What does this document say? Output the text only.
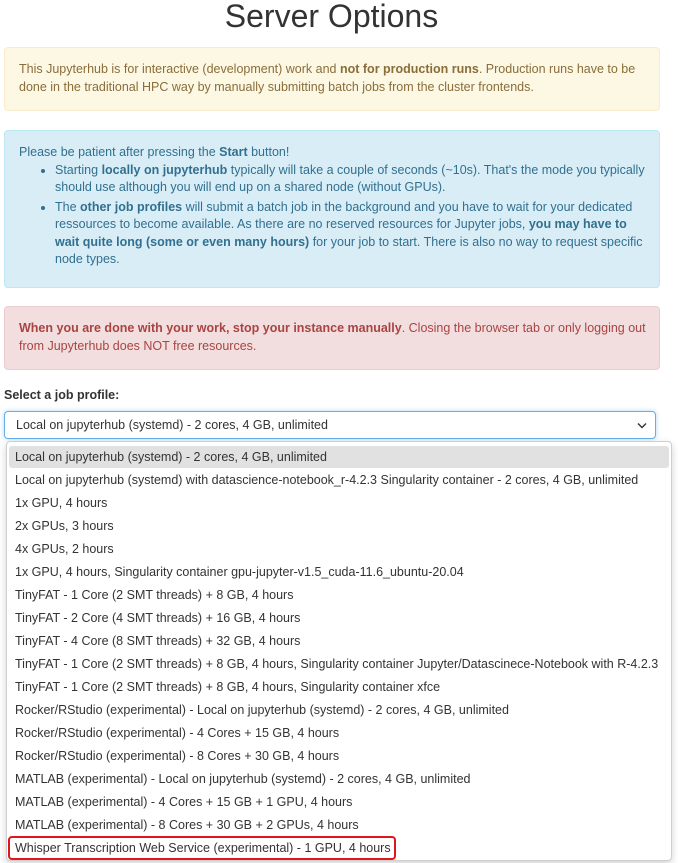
Server Options

This Jupyterhub is for interactive (development) work and not for production runs. Production runs have to be done in the traditional HPC way by manually submitting batch jobs from the cluster frontends.

Please be patient after pressing the Start button!

• Starting locally on jupyterhub typically will take a couple of seconds (~10s). That's the mode you typically should use although you will end up on a shared node (without GPUs).
• The other job profiles will submit a batch job in the background and you have to wait for your dedicated ressources to become available. As there are no reserved resources for Jupyter jobs, you may have to wait quite long (some or even many hours) for your job to start. There is also no way to request specific node types.

When you are done with your work, stop your instance manually. Closing the browser tab or only logging out from Jupyterhub does NOT free resources.

Select a job profile:
Local on jupyterhub (systemd) - 2 cores, 4 GB, unlimited
Local on jupyterhub (systemd) - 2 cores, 4 GB, unlimited
Local on jupyterhub (systemd) with datascience-notebook_r-4.2.3 Singularity container - 2 cores, 4 GB, unlimited
1x GPU, 4 hours
2x GPUs, 3 hours
4x GPUs, 2 hours
1x GPU, 4 hours, Singularity container gpu-jupyter-v1.5_cuda-11.6_ubuntu-20.04
TinyFAT - 1 Core (2 SMT threads) + 8 GB, 4 hours
TinyFAT - 2 Core (4 SMT threads) + 16 GB, 4 hours
TinyFAT - 4 Core (8 SMT threads) + 32 GB, 4 hours
TinyFAT - 1 Core (2 SMT threads) + 8 GB, 4 hours, Singularity container Jupyter/Datascinece-Notebook with R-4.2.3
TinyFAT - 1 Core (2 SMT threads) + 8 GB, 4 hours, Singularity container xfce
Rocker/RStudio (experimental) - Local on jupyterhub (systemd) - 2 cores, 4 GB, unlimited
Rocker/RStudio (experimental) - 4 Cores + 15 GB, 4 hours
Rocker/RStudio (experimental) - 8 Cores + 30 GB, 4 hours
MATLAB (experimental) - Local on jupyterhub (systemd) - 2 cores, 4 GB, unlimited
MATLAB (experimental) - 4 Cores + 15 GB + 1 GPU, 4 hours
MATLAB (experimental) - 8 Cores + 30 GB + 2 GPUs, 4 hours
Whisper Transcription Web Service (experimental) - 1 GPU, 4 hours
